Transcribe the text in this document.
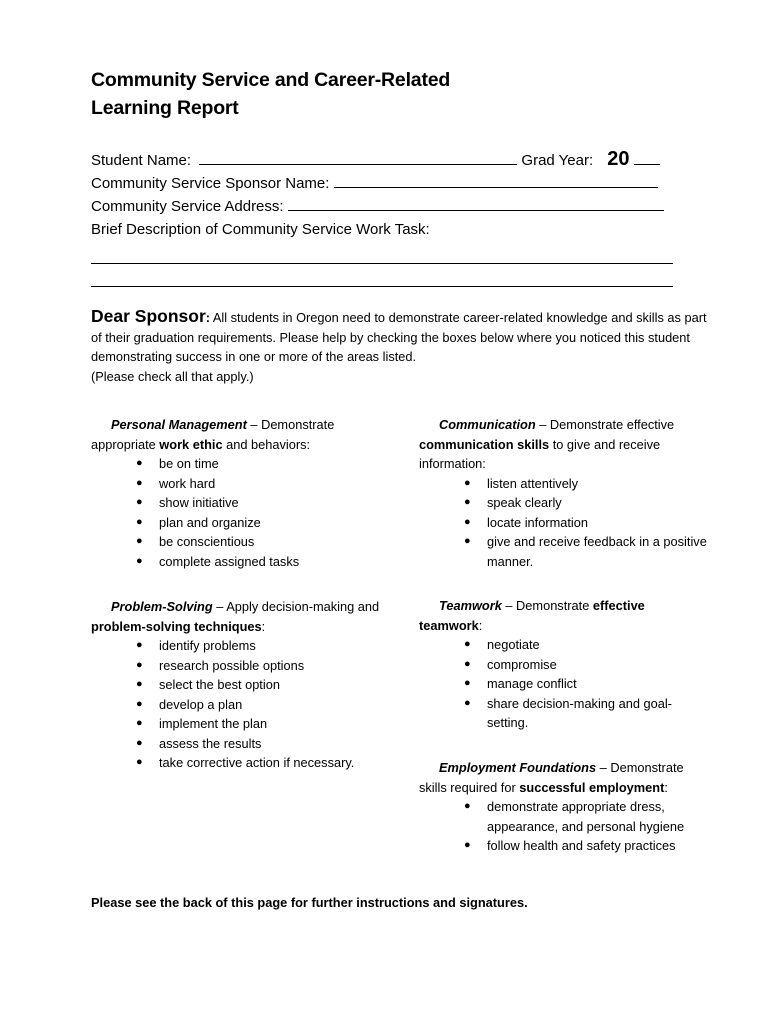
Community Service and Career-Related
Learning Report
Student Name:	Grad Year: 20
Community Service Sponsor Name:
Community Service Address:
Brief Description of Community Service Work Task:

Dear Sponsor: All students in Oregon need to demonstrate career-related knowledge and skills as part of their graduation requirements. Please help by checking the boxes below where you noticed this student demonstrating success in one or more of the areas listed.

(Please check all that apply.)

Personal Management – Demonstrate appropriate work ethic and behaviors:

● be on time
● work hard
● show initiative
● plan and organize
● be conscientious
● complete assigned tasks

Communication – Demonstrate effective communication skills to give and receive information:

● listen attentively
● speak clearly
● locate information
● give and receive feedback in a positive manner.

Problem-Solving – Apply decision-making and problem-solving techniques:

● identify problems
● research possible options
● select the best option
● develop a plan
● implement the plan
● assess the results
● take corrective action if necessary.

Teamwork – Demonstrate effective teamwork:

● negotiate
● compromise
● manage conflict
● share decision-making and goal-setting.

Employment Foundations – Demonstrate skills required for successful employment:

● demonstrate appropriate dress, appearance, and personal hygiene
● follow health and safety practices
Please see the back of this page for further instructions and signatures.
